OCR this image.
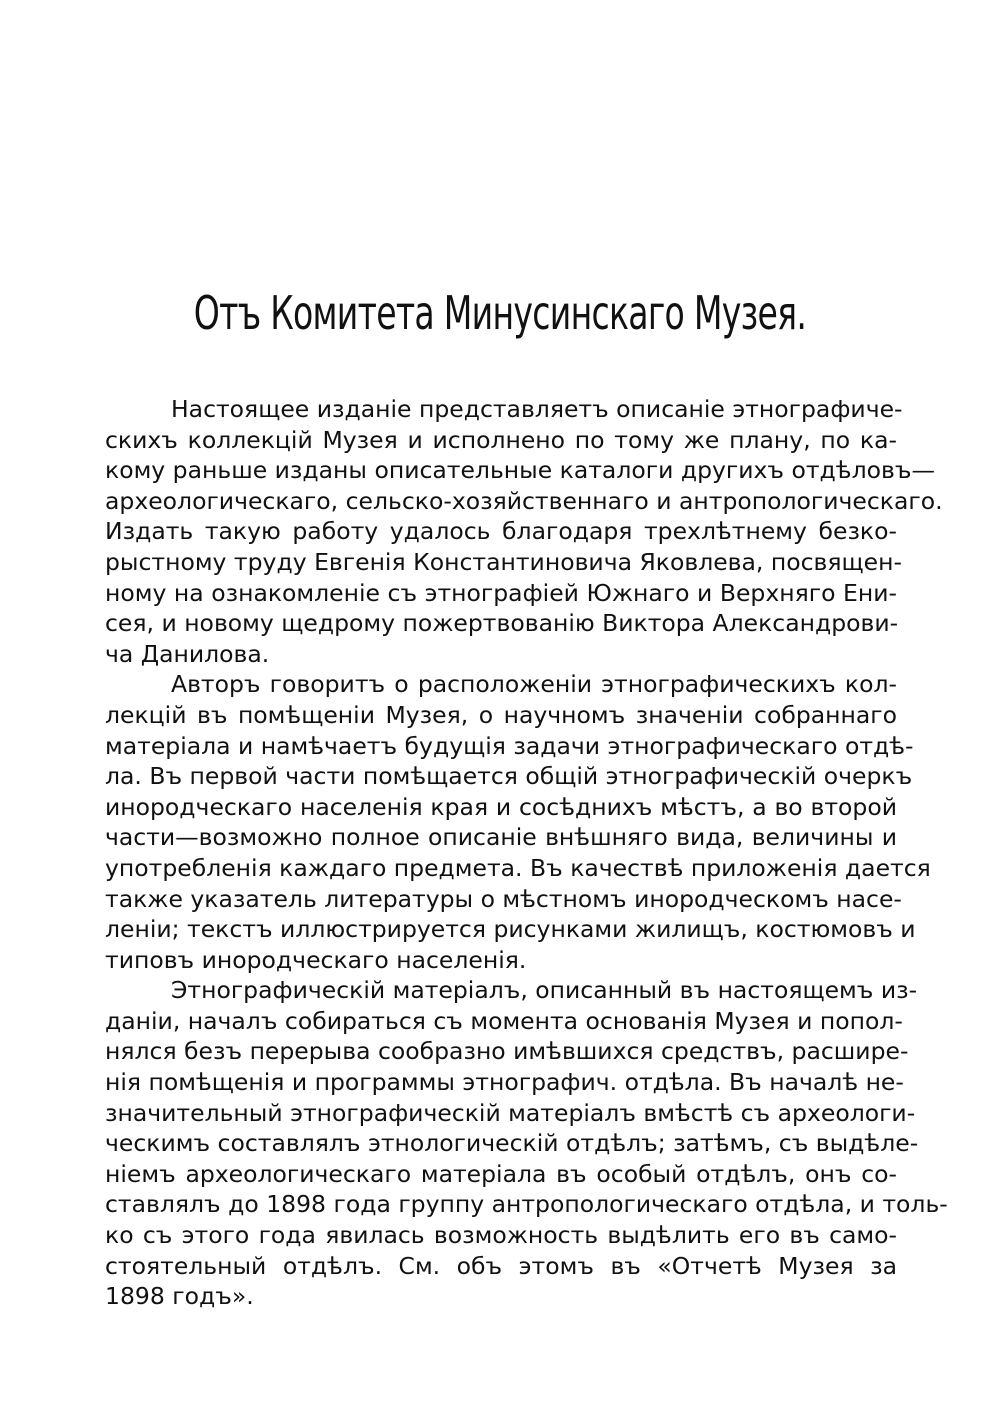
Отъ Комитета Минусинскаго Музея.
Настоящее изданіе представляетъ описаніе этнографиче-
скихъ коллекцій Музея и исполнено по тому же плану, по ка-
кому раньше изданы описательные каталоги другихъ отдѣловъ—
археологическаго, сельско-хозяйственнаго и антропологическаго.
Издать такую работу удалось благодаря трехлѣтнему безко-
рыстному труду Евгенія Константиновича Яковлева, посвящен-
ному на ознакомленіе съ этнографіей Южнаго и Верхняго Ени-
сея, и новому щедрому пожертвованію Виктора Александрови-
ча Данилова.
Авторъ говоритъ о расположеніи этнографическихъ кол-
лекцій въ помѣщеніи Музея, о научномъ значеніи собраннаго
матеріала и намѣчаетъ будущія задачи этнографическаго отдѣ-
ла. Въ первой части помѣщается общій этнографическій очеркъ
инородческаго населенія края и сосѣднихъ мѣстъ, а во второй
части—возможно полное описаніе внѣшняго вида, величины и
употребленія каждаго предмета. Въ качествѣ приложенія дается
также указатель литературы о мѣстномъ инородческомъ насе-
леніи; текстъ иллюстрируется рисунками жилищъ, костюмовъ и
типовъ инородческаго населенія.
Этнографическій матеріалъ, описанный въ настоящемъ из-
даніи, началъ собираться съ момента основанія Музея и попол-
нялся безъ перерыва сообразно имѣвшихся средствъ, расшире-
нія помѣщенія и программы этнографич. отдѣла. Въ началѣ не-
значительный этнографическій матеріалъ вмѣстѣ съ археологи-
ческимъ составлялъ этнологическій отдѣлъ; затѣмъ, съ выдѣле-
ніемъ археологическаго матеріала въ особый отдѣлъ, онъ со-
ставлялъ до 1898 года группу антропологическаго отдѣла, и толь-
ко съ этого года явилась возможность выдѣлить его въ само-
стоятельный отдѣлъ. См. объ этомъ въ «Отчетѣ Музея за
1898 годъ».
